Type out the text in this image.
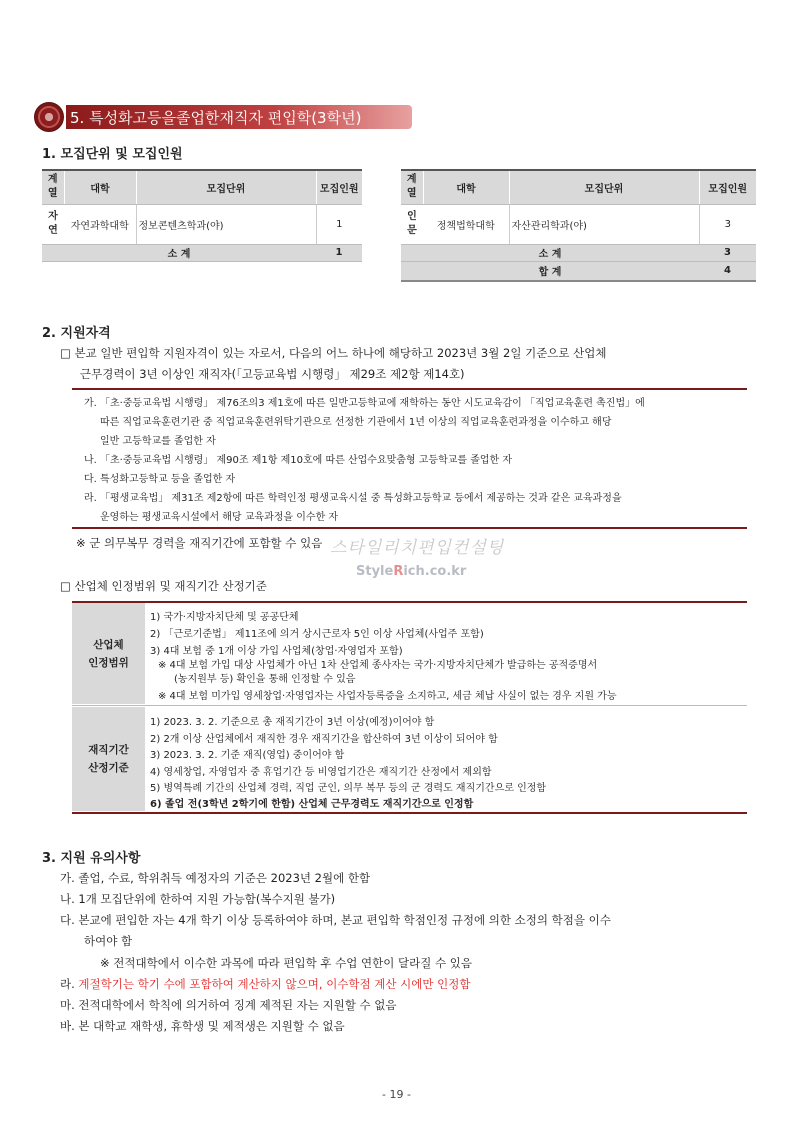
5. 특성화고등을졸업한재직자 편입학(3학년)
1. 모집단위 및 모집인원
계열	대학	모집단위	모집인원
자
연	자연과학대학	정보콘텐츠학과(야)	1
소 계			1
계열	대학	모집단위	모집인원
인
문	정책법학대학	자산관리학과(야)	3
소 계			3
합 계			4
2. 지원자격
□ 본교 일반 편입학 지원자격이 있는 자로서, 다음의 어느 하나에 해당하고 2023년 3월 2일 기준으로 산업체
근무경력이 3년 이상인 재직자(「고등교육법 시행령」 제29조 제2항 제14호)
가. 「초·중등교육법 시행령」 제76조의3 제1호에 따른 일반고등학교에 재학하는 동안 시도교육감이 「직업교육훈련 촉진법」에
따른 직업교육훈련기관 중 직업교육훈련위탁기관으로 선정한 기관에서 1년 이상의 직업교육훈련과정을 이수하고 해당
일반 고등학교를 졸업한 자
나. 「초·중등교육법 시행령」 제90조 제1항 제10호에 따른 산업수요맞춤형 고등학교를 졸업한 자
다. 특성화고등학교 등을 졸업한 자
라. 「평생교육법」 제31조 제2항에 따른 학력인정 평생교육시설 중 특성화고등학교 등에서 제공하는 것과 같은 교육과정을
운영하는 평생교육시설에서 해당 교육과정을 이수한 자
※ 군 의무복무 경력을 재직기간에 포함할 수 있음 스타일리치편입컨설팅
StyleRich.co.kr
□ 산업체 인정범위 및 재직기간 산정기준
산업체
인정범위
1) 국가·지방자치단체 및 공공단체
2) 「근로기준법」 제11조에 의거 상시근로자 5인 이상 사업체(사업주 포함)
3) 4대 보험 중 1개 이상 가입 사업체(창업·자영업자 포함)
※ 4대 보험 가입 대상 사업체가 아닌 1차 산업체 종사자는 국가·지방자치단체가 발급하는 공적증명서
(농지원부 등) 확인을 통해 인정할 수 있음
※ 4대 보험 미가입 영세창업·자영업자는 사업자등록증을 소지하고, 세금 체납 사실이 없는 경우 지원 가능
재직기간
산정기준
1) 2023. 3. 2. 기준으로 총 재직기간이 3년 이상(예정)이어야 함
2) 2개 이상 산업체에서 재직한 경우 재직기간을 합산하여 3년 이상이 되어야 함
3) 2023. 3. 2. 기준 재직(영업) 중이어야 함
4) 영세창업, 자영업자 중 휴업기간 등 비영업기간은 재직기간 산정에서 제외함
5) 병역특례 기간의 산업체 경력, 직업 군인, 의무 복무 등의 군 경력도 재직기간으로 인정함
6) 졸업 전(3학년 2학기에 한함) 산업체 근무경력도 재직기간으로 인정함
3. 지원 유의사항
가. 졸업, 수료, 학위취득 예정자의 기준은 2023년 2월에 한함
나. 1개 모집단위에 한하여 지원 가능함(복수지원 불가)
다. 본교에 편입한 자는 4개 학기 이상 등록하여야 하며, 본교 편입학 학점인정 규정에 의한 소정의 학점을 이수
하여야 함
※ 전적대학에서 이수한 과목에 따라 편입학 후 수업 연한이 달라질 수 있음
라. 계절학기는 학기 수에 포함하여 계산하지 않으며, 이수학점 계산 시에만 인정함
마. 전적대학에서 학칙에 의거하여 징계 제적된 자는 지원할 수 없음
바. 본 대학교 재학생, 휴학생 및 제적생은 지원할 수 없음
- 19 -
